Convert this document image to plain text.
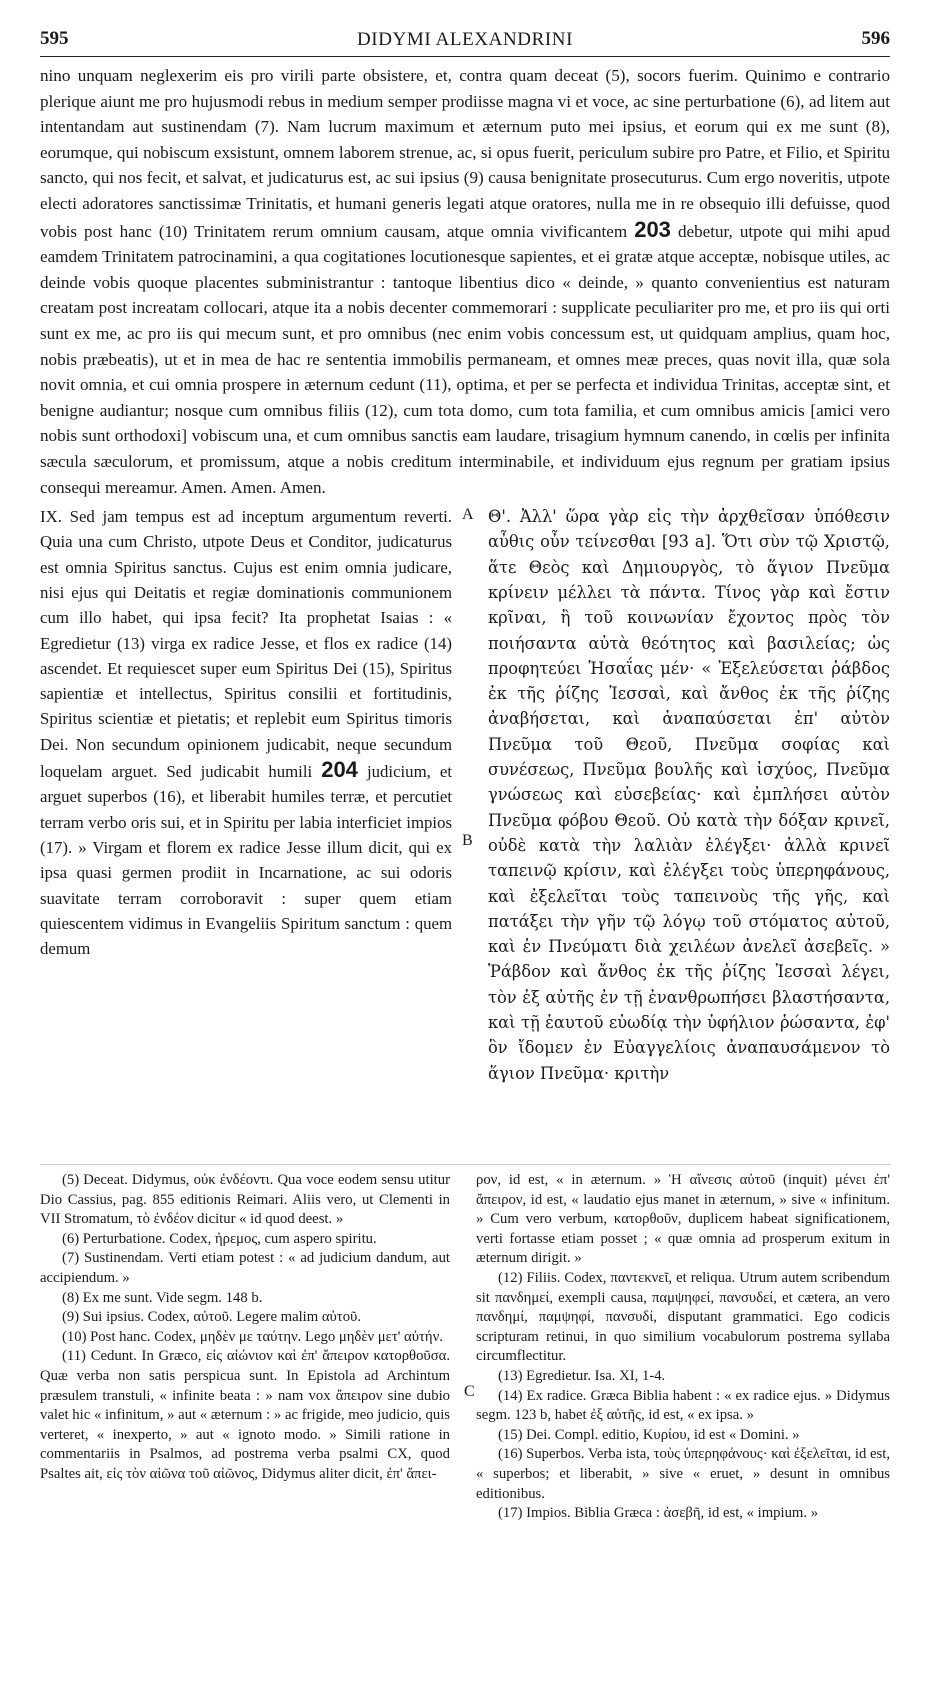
595	DIDYMI ALEXANDRINI	596
nino unquam neglexerim eis pro virili parte obsistere, et, contra quam deceat (5), socors fuerim. Quinimo e contrario plerique aiunt me pro hujusmodi rebus in medium semper prodiisse magna vi et voce, ac sine perturbatione (6), ad litem aut intentandam aut sustinendam (7). Nam lucrum maximum et æternum puto mei ipsius, et eorum qui ex me sunt (8), eorumque, qui nobiscum exsistunt, omnem laborem strenue, ac, si opus fuerit, periculum subire pro Patre, et Filio, et Spiritu sancto, qui nos fecit, et salvat, et judicaturus est, ac sui ipsius (9) causa benignitate prosecuturus. Cum ergo noveritis, utpote electi adoratores sanctissimæ Trinitatis, et humani generis legati atque oratores, nulla me in re obsequio illi defuisse, quod vobis post hanc (10) Trinitatem rerum omnium causam, atque omnia vivificantem 203 debetur, utpote qui mihi apud eamdem Trinitatem patrocinamini, a qua cogitationes locutionesque sapientes, et ei gratæ atque acceptæ, nobisque utiles, ac deinde vobis quoque placentes subministrantur : tantoque libentius dico « deinde, » quanto convenientius est naturam creatam post increatam collocari, atque ita a nobis decenter commemorari : supplicate peculiariter pro me, et pro iis qui orti sunt ex me, ac pro iis qui mecum sunt, et pro omnibus (nec enim vobis concessum est, ut quidquam amplius, quam hoc, nobis præbeatis), ut et in mea de hac re sententia immobilis permaneam, et omnes meæ preces, quas novit illa, quæ sola novit omnia, et cui omnia prospere in æternum cedunt (11), optima, et per se perfecta et individua Trinitas, acceptæ sint, et benigne audiantur; nosque cum omnibus filiis (12), cum tota domo, cum tota familia, et cum omnibus amicis [amici vero nobis sunt orthodoxi] vobiscum una, et cum omnibus sanctis eam laudare, trisagium hymnum canendo, in cœlis per infinita sæcula sæculorum, et promissum, atque a nobis creditum interminabile, et individuum ejus regnum per gratiam ipsius consequi mereamur. Amen. Amen. Amen.
IX. Sed jam tempus est ad inceptum argumentum reverti. Quia una cum Christo, utpote Deus et Conditor, judicaturus est omnia Spiritus sanctus. Cujus est enim omnia judicare, nisi ejus qui Deitatis et regiæ dominationis communionem cum illo habet, qui ipsa fecit? Ita prophetat Isaias : « Egredietur (13) virga ex radice Jesse, et flos ex radice (14) ascendet. Et requiescet super eum Spiritus Dei (15), Spiritus sapientiæ et intellectus, Spiritus consilii et fortitudinis, Spiritus scientiæ et pietatis; et replebit eum Spiritus timoris Dei. Non secundum opinionem judicabit, neque secundum loquelam arguet. Sed judicabit humili 204 judicium, et arguet superbos (16), et liberabit humiles terræ, et percutiet terram verbo oris sui, et in Spiritu per labia interficiet impios (17). » Virgam et florem ex radice Jesse illum dicit, qui ex ipsa quasi germen prodiit in Incarnatione, ac sui odoris suavitate terram corroboravit : super quem etiam quiescentem vidimus in Evangeliis Spiritum sanctum : quem demum
A
B
Θ'. Ἀλλ' ὥρα γὰρ εἰς τὴν ἀρχθεῖσαν ὑπόθεσιν αὖθις οὖν τείνεσθαι [93 a]. Ὅτι σὺν τῷ Χριστῷ, ἅτε Θεὸς καὶ Δημιουργὸς, τὸ ἅγιον Πνεῦμα κρίνειν μέλλει τὰ πάντα. Τίνος γὰρ καὶ ἔστιν κρῖναι, ἢ τοῦ κοινωνίαν ἔχοντος πρὸς τὸν ποιήσαντα αὐτὰ θεότητος καὶ βασιλείας; ὡς προφητεύει Ἡσαΐας μέν· « Ἐξελεύσεται ῥάβδος ἐκ τῆς ῥίζης Ἰεσσαὶ, καὶ ἄνθος ἐκ τῆς ῥίζης ἀναβήσεται, καὶ ἀναπαύσεται ἐπ' αὐτὸν Πνεῦμα τοῦ Θεοῦ, Πνεῦμα σοφίας καὶ συνέσεως, Πνεῦμα βουλῆς καὶ ἰσχύος, Πνεῦμα γνώσεως καὶ εὐσεβείας· καὶ ἐμπλήσει αὐτὸν Πνεῦμα φόβου Θεοῦ. Οὐ κατὰ τὴν δόξαν κρινεῖ, οὐδὲ κατὰ τὴν λαλιὰν ἐλέγξει· ἀλλὰ κρινεῖ ταπεινῷ κρίσιν, καὶ ἐλέγξει τοὺς ὑπερηφάνους, καὶ ἐξελεῖται τοὺς ταπεινοὺς τῆς γῆς, καὶ πατάξει τὴν γῆν τῷ λόγῳ τοῦ στόματος αὐτοῦ, καὶ ἐν Πνεύματι διὰ χειλέων ἀνελεῖ ἀσεβεῖς. » Ῥάβδον καὶ ἄνθος ἐκ τῆς ῥίζης Ἰεσσαὶ λέγει, τὸν ἐξ αὐτῆς ἐν τῇ ἐνανθρωπήσει βλαστήσαντα, καὶ τῇ ἑαυτοῦ εὐωδίᾳ τὴν ὑφήλιον ῥώσαντα, ἐφ' ὃν ἴδομεν ἐν Εὐαγγελίοις ἀναπαυσάμενον τὸ ἅγιον Πνεῦμα· κριτὴν

(5) Deceat. Didymus, οὐκ ἐνδέοντι. Qua voce eodem sensu utitur Dio Cassius, pag. 855 editionis Reimari. Aliis vero, ut Clementi in VII Stromatum, τὸ ἐνδέον dicitur « id quod deest. »

(6) Perturbatione. Codex, ἠρεμος, cum aspero spiritu.

(7) Sustinendam. Verti etiam potest : « ad judicium dandum, aut accipiendum. »

(8) Ex me sunt. Vide segm. 148 b.

(9) Sui ipsius. Codex, αὐτοῦ. Legere malim αὐτοῦ.

(10) Post hanc. Codex, μηδὲν με ταύτην. Lego μηδὲν μετ' αὐτήν.

(11) Cedunt. In Græco, εἰς αἰώνιον καὶ ἐπ' ἄπειρον κατορθοῦσα. Quæ verba non satis perspicua sunt. In Epistola ad Archintum præsulem transtuli, « infinite beata : » nam vox ἄπειρον sine dubio valet hic « infinitum, » aut « æternum : » ac frigide, meo judicio, quis verteret, « inexperto, » aut « ignoto modo. » Simili ratione in commentariis in Psalmos, ad postrema verba psalmi CX, quod Psaltes ait, εἰς τὸν αἰῶνα τοῦ αἰῶνος, Didymus aliter dicit, ἐπ' ἄπει-

C

ρον, id est, « in æternum. » Ἡ αἴνεσις αὐτοῦ (inquit) μένει ἐπ' ἄπειρον, id est, « laudatio ejus manet in æternum, » sive « infinitum. » Cum vero verbum, κατορθοῦν, duplicem habeat significationem, verti fortasse etiam posset ; « quæ omnia ad prosperum exitum in æternum dirigit. »

(12) Filiis. Codex, παντεκνεῖ, et reliqua. Utrum autem scribendum sit πανδημεί, exempli causa, παμψηφεί, πανσυδεί, et cætera, an vero πανδημί, παμψηφί, πανσυδί, disputant grammatici. Ego codicis scripturam retinui, in quo similium vocabulorum postrema syllaba circumflectitur.

(13) Egredietur. Isa. XI, 1-4.

(14) Ex radice. Græca Biblia habent : « ex radice ejus. » Didymus segm. 123 b, habet ἐξ αὐτῆς, id est, « ex ipsa. »

(15) Dei. Compl. editio, Κυρίου, id est « Domini. »

(16) Superbos. Verba ista, τοὺς ὑπερηφάνους· καὶ ἐξελεῖται, id est, « superbos; et liberabit, » sive « eruet, » desunt in omnibus editionibus.

(17) Impios. Biblia Græca : ἀσεβῆ, id est, « impium. »
